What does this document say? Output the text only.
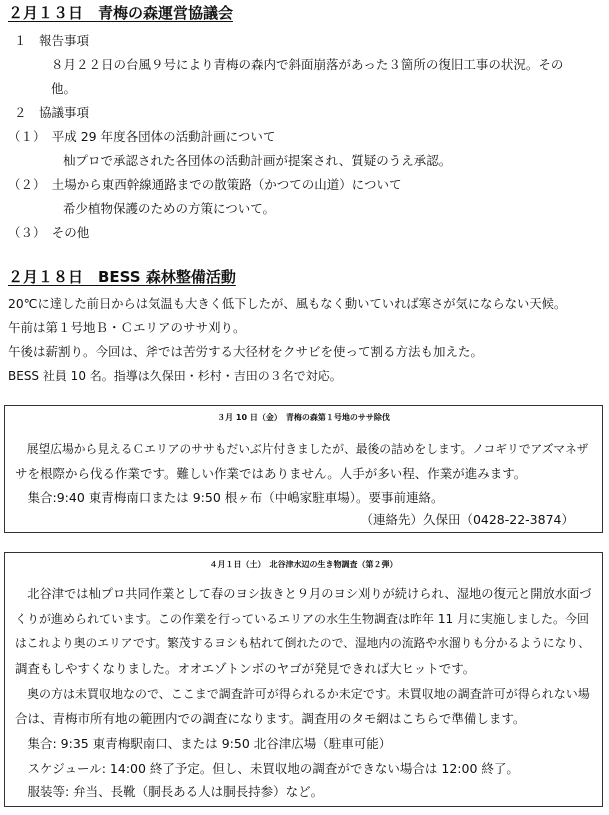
２月１３日　青梅の森運営協議会
１　報告事項
８月２２日の台風９号により青梅の森内で斜面崩落があった３箇所の復旧工事の状況。その
他。
２　協議事項
（１）　平成 29 年度各団体の活動計画について
杣プロで承認された各団体の活動計画が提案され、質疑のうえ承認。
（２）　土場から東西幹線通路までの散策路（かつての山道）について
希少植物保護のための方策について。
（３）　その他
２月１８日　BESS 森林整備活動
20℃に達した前日からは気温も大きく低下したが、風もなく動いていれば寒さが気にならない天候。
午前は第１号地Ｂ・Ｃエリアのササ刈り。
午後は薪割り。今回は、斧では苦労する大径材をクサビを使って割る方法も加えた。
BESS 社員 10 名。指導は久保田・杉村・吉田の３名で対応。
３月 10 日（金）　青梅の森第１号地のササ除伐
　展望広場から見えるＣエリアのササもだいぶ片付きましたが、最後の詰めをします。ノコギリでアズマネザ
サを根際から伐る作業です。難しい作業ではありません。人手が多い程、作業が進みます。
　集合:9:40 東青梅南口または 9:50 根ヶ布（中嶋家駐車場）。要事前連絡。
（連絡先）久保田（0428-22-3874）
４月１日（土）　北谷津水辺の生き物調査（第２弾）
　北谷津では杣プロ共同作業として春のヨシ抜きと９月のヨシ刈りが続けられ、湿地の復元と開放水面づ
くりが進められています。この作業を行っているエリアの水生生物調査は昨年 11 月に実施しました。今回
はこれより奥のエリアです。繁茂するヨシも枯れて倒れたので、湿地内の流路や水溜りも分かるようになり、
調査もしやすくなりました。オオエゾトンボのヤゴが発見できれば大ヒットです。
　奥の方は未買収地なので、ここまで調査許可が得られるか未定です。未買収地の調査許可が得られない場
合は、青梅市所有地の範囲内での調査になります。調査用のタモ網はこちらで準備します。
　集合: 9:35 東青梅駅南口、または 9:50 北谷津広場（駐車可能）
　スケジュール: 14:00 終了予定。但し、未買収地の調査ができない場合は 12:00 終了。
　服装等: 弁当、長靴（胴長ある人は胴長持参）など。
